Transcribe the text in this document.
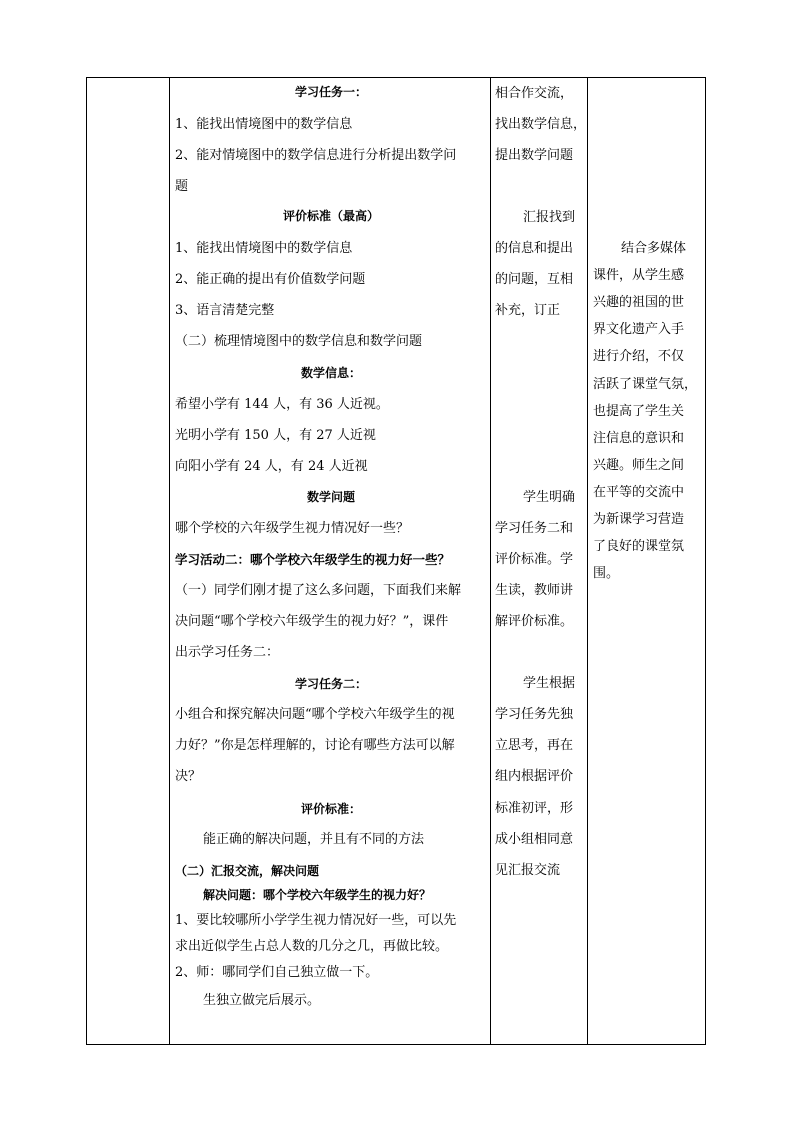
学习任务一：
1、能找出情境图中的数学信息
2、能对情境图中的数学信息进行分析提出数学问
题
评价标准（最高）
1、能找出情境图中的数学信息
2、能正确的提出有价值数学问题
3、语言清楚完整
（二）梳理情境图中的数学信息和数学问题
数学信息：
希望小学有 144 人，有 36 人近视。
光明小学有 150 人，有 27 人近视
向阳小学有 24 人，有 24 人近视
数学问题
哪个学校的六年级学生视力情况好一些？
学习活动二：哪个学校六年级学生的视力好一些？
（一）同学们刚才提了这么多问题，下面我们来解
决问题“哪个学校六年级学生的视力好？”，课件
出示学习任务二：
学习任务二：
小组合和探究解决问题“哪个学校六年级学生的视
力好？”你是怎样理解的，讨论有哪些方法可以解
决？
评价标准：
能正确的解决问题，并且有不同的方法
（二）汇报交流，解决问题
解决问题：哪个学校六年级学生的视力好？
1、要比较哪所小学学生视力情况好一些，可以先
求出近似学生占总人数的几分之几，再做比较。
2、师：哪同学们自己独立做一下。
生独立做完后展示。
相合作交流，
找出数学信息，
提出数学问题
汇报找到
的信息和提出
的问题，互相
补充，订正
学生明确
学习任务二和
评价标准。学
生读，教师讲
解评价标准。
学生根据
学习任务先独
立思考，再在
组内根据评价
标准初评，形
成小组相同意
见汇报交流
结合多媒体
课件，从学生感
兴趣的祖国的世
界文化遗产入手
进行介绍，不仅
活跃了课堂气氛，
也提高了学生关
注信息的意识和
兴趣。师生之间
在平等的交流中
为新课学习营造
了良好的课堂氛
围。
